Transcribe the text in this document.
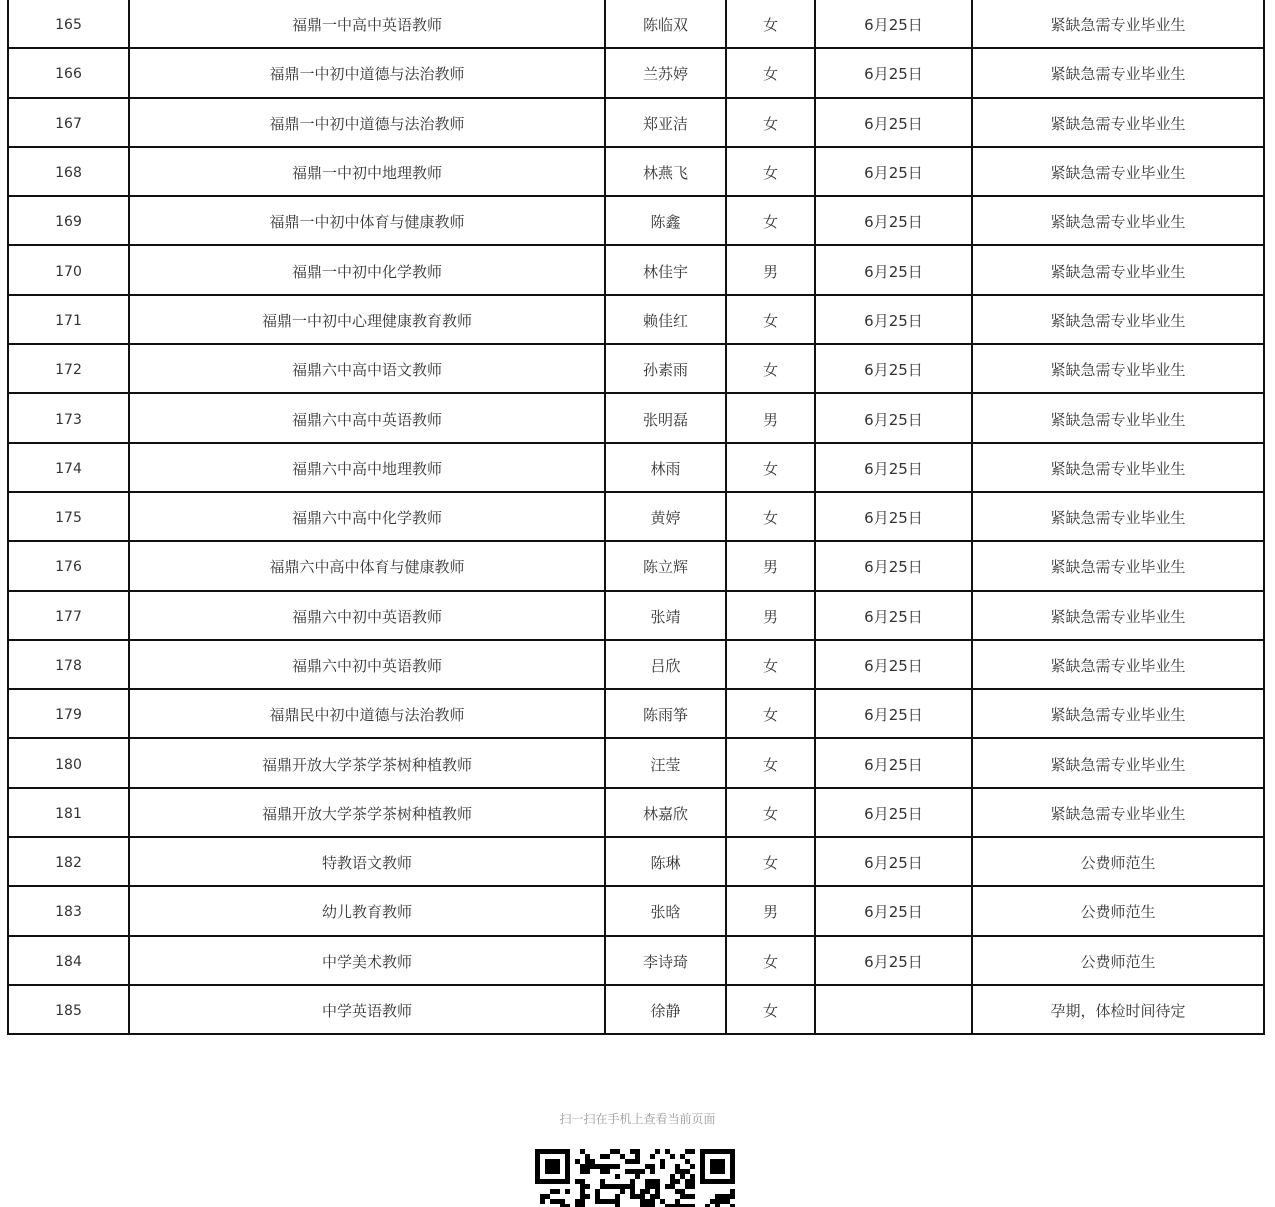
165	福鼎一中高中英语教师	陈临双	女	6月25日	紧缺急需专业毕业生
166	福鼎一中初中道德与法治教师	兰苏婷	女	6月25日	紧缺急需专业毕业生
167	福鼎一中初中道德与法治教师	郑亚洁	女	6月25日	紧缺急需专业毕业生
168	福鼎一中初中地理教师	林燕飞	女	6月25日	紧缺急需专业毕业生
169	福鼎一中初中体育与健康教师	陈鑫	女	6月25日	紧缺急需专业毕业生
170	福鼎一中初中化学教师	林佳宇	男	6月25日	紧缺急需专业毕业生
171	福鼎一中初中心理健康教育教师	赖佳红	女	6月25日	紧缺急需专业毕业生
172	福鼎六中高中语文教师	孙素雨	女	6月25日	紧缺急需专业毕业生
173	福鼎六中高中英语教师	张明磊	男	6月25日	紧缺急需专业毕业生
174	福鼎六中高中地理教师	林雨	女	6月25日	紧缺急需专业毕业生
175	福鼎六中高中化学教师	黄婷	女	6月25日	紧缺急需专业毕业生
176	福鼎六中高中体育与健康教师	陈立辉	男	6月25日	紧缺急需专业毕业生
177	福鼎六中初中英语教师	张靖	男	6月25日	紧缺急需专业毕业生
178	福鼎六中初中英语教师	吕欣	女	6月25日	紧缺急需专业毕业生
179	福鼎民中初中道德与法治教师	陈雨筝	女	6月25日	紧缺急需专业毕业生
180	福鼎开放大学茶学茶树种植教师	汪莹	女	6月25日	紧缺急需专业毕业生
181	福鼎开放大学茶学茶树种植教师	林嘉欣	女	6月25日	紧缺急需专业毕业生
182	特教语文教师	陈琳	女	6月25日	公费师范生
183	幼儿教育教师	张晗	男	6月25日	公费师范生
184	中学美术教师	李诗琦	女	6月25日	公费师范生
185	中学英语教师	徐静	女		孕期，体检时间待定
扫一扫在手机上查看当前页面
